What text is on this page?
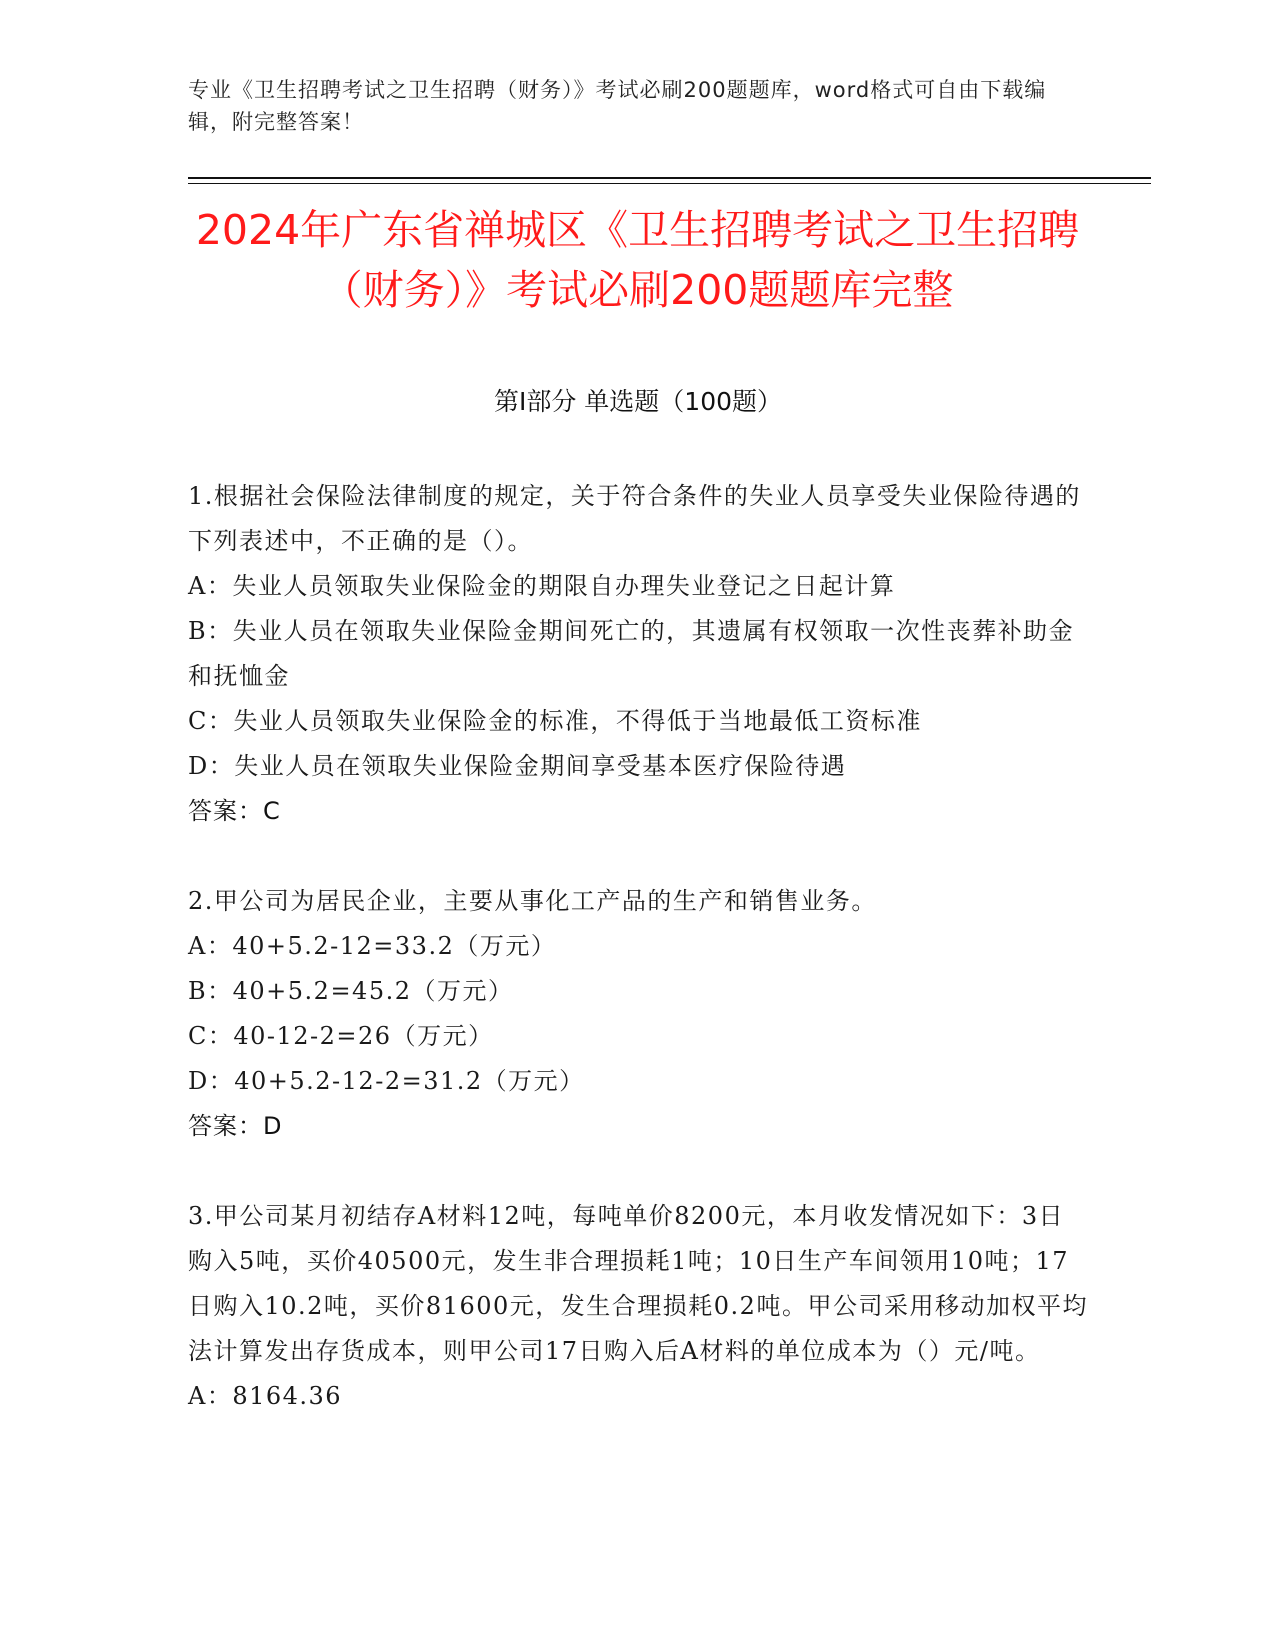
专业《卫生招聘考试之卫生招聘（财务）》考试必刷200题题库，word格式可自由下载编辑，附完整答案！
2024年广东省禅城区《卫生招聘考试之卫生招聘（财务）》考试必刷200题题库完整
第I部分 单选题（100题）

1.根据社会保险法律制度的规定，关于符合条件的失业人员享受失业保险待遇的下列表述中，不正确的是（）。

A：失业人员领取失业保险金的期限自办理失业登记之日起计算

B：失业人员在领取失业保险金期间死亡的，其遗属有权领取一次性丧葬补助金和抚恤金

C：失业人员领取失业保险金的标准，不得低于当地最低工资标准

D：失业人员在领取失业保险金期间享受基本医疗保险待遇

答案：C

2.甲公司为居民企业，主要从事化工产品的生产和销售业务。

A：40+5.2-12=33.2（万元）

B：40+5.2=45.2（万元）

C：40-12-2=26（万元）

D：40+5.2-12-2=31.2（万元）

答案：D

3.甲公司某月初结存A材料12吨，每吨单价8200元，本月收发情况如下：3日购入5吨，买价40500元，发生非合理损耗1吨；10日生产车间领用10吨；17日购入10.2吨，买价81600元，发生合理损耗0.2吨。甲公司采用移动加权平均法计算发出存货成本，则甲公司17日购入后A材料的单位成本为（）元/吨。

A：8164.36
